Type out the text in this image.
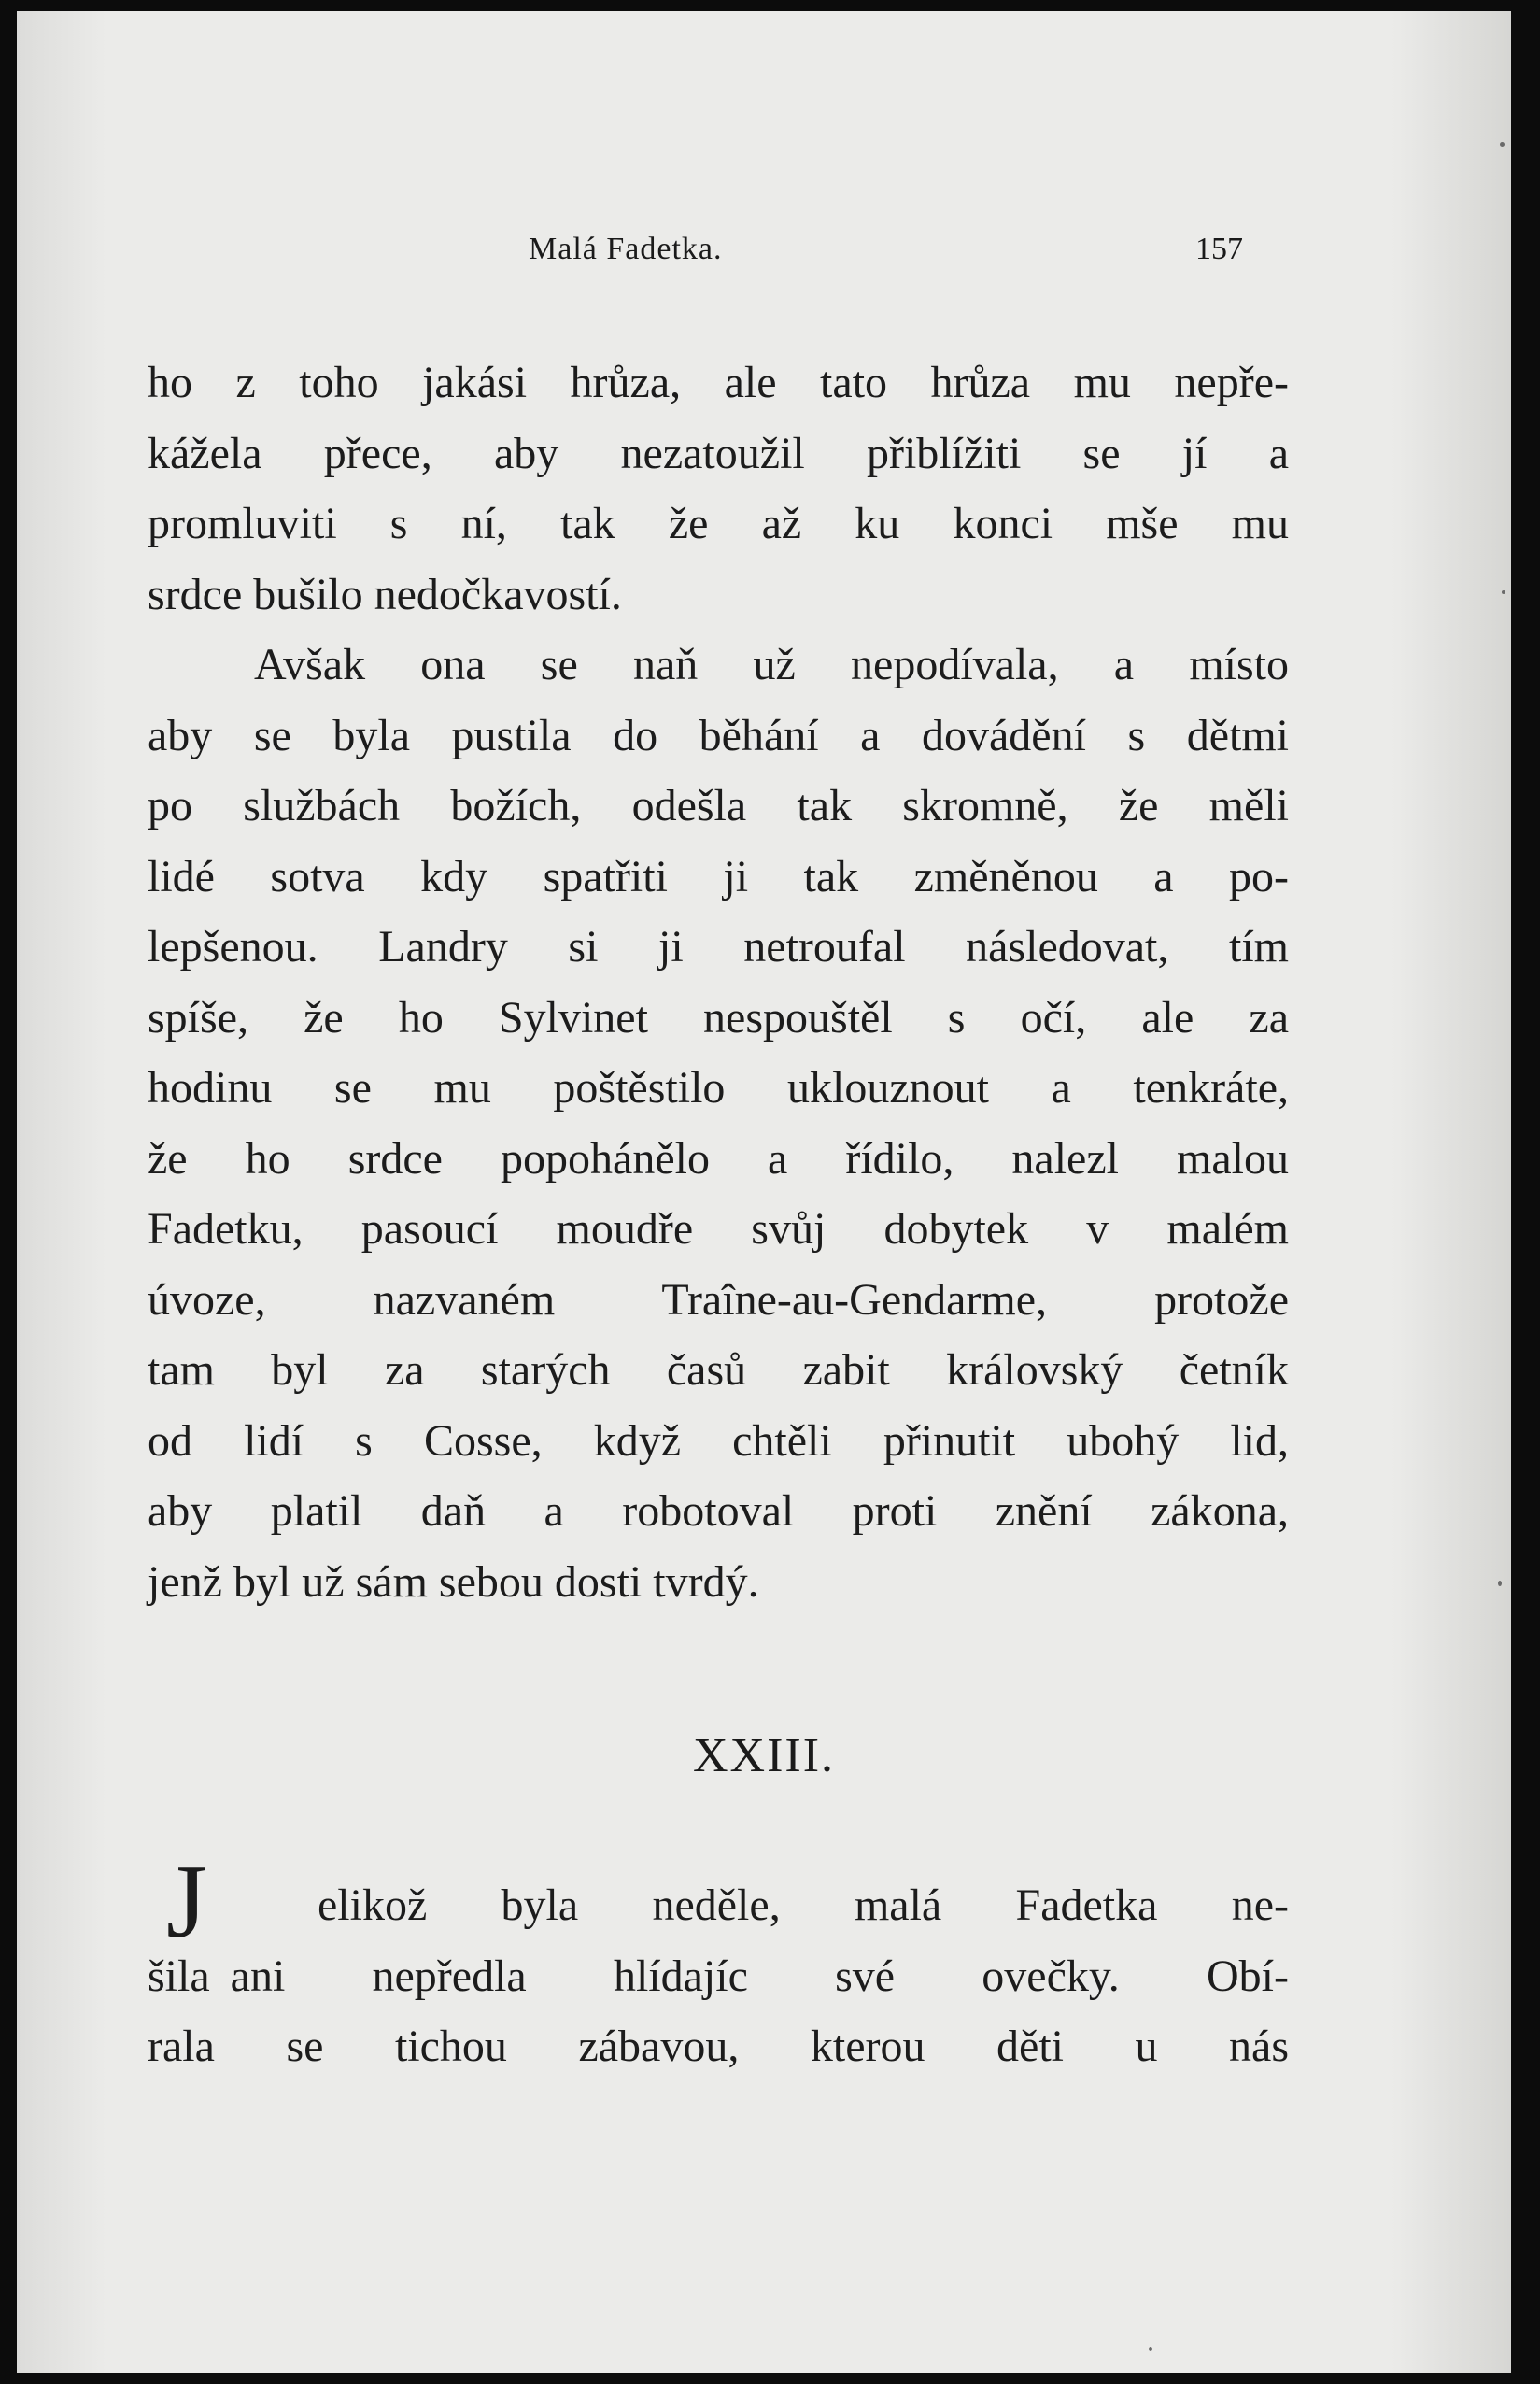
Malá Fadetka.	157

ho z toho jakási hrůza, ale tato hrůza mu nepře-
kážela přece, aby nezatoužil přiblížiti se jí a
promluviti s ní, tak že až ku konci mše mu
srdce bušilo nedočkavostí.

Avšak ona se naň už nepodívala, a místo
aby se byla pustila do běhání a dovádění s dětmi
po službách božích, odešla tak skromně, že měli
lidé sotva kdy spatřiti ji tak změněnou a po-
lepšenou. Landry si ji netroufal následovat, tím
spíše, že ho Sylvinet nespouštěl s očí, ale za
hodinu se mu poštěstilo uklouznout a tenkráte,
že ho srdce popohánělo a řídilo, nalezl malou
Fadetku, pasoucí moudře svůj dobytek v malém
úvoze, nazvaném Traîne-au-Gendarme, protože
tam byl za starých časů zabit královský četník
od lidí s Cosse, když chtěli přinutit ubohý lid,
aby platil daň a robotoval proti znění zákona,
jenž byl už sám sebou dosti tvrdý.

XXIII.
J	elikož byla neděle, malá Fadetka ne-
šila ani nepředla hlídajíc své ovečky. Obí-
rala se tichou zábavou, kterou děti u nás
